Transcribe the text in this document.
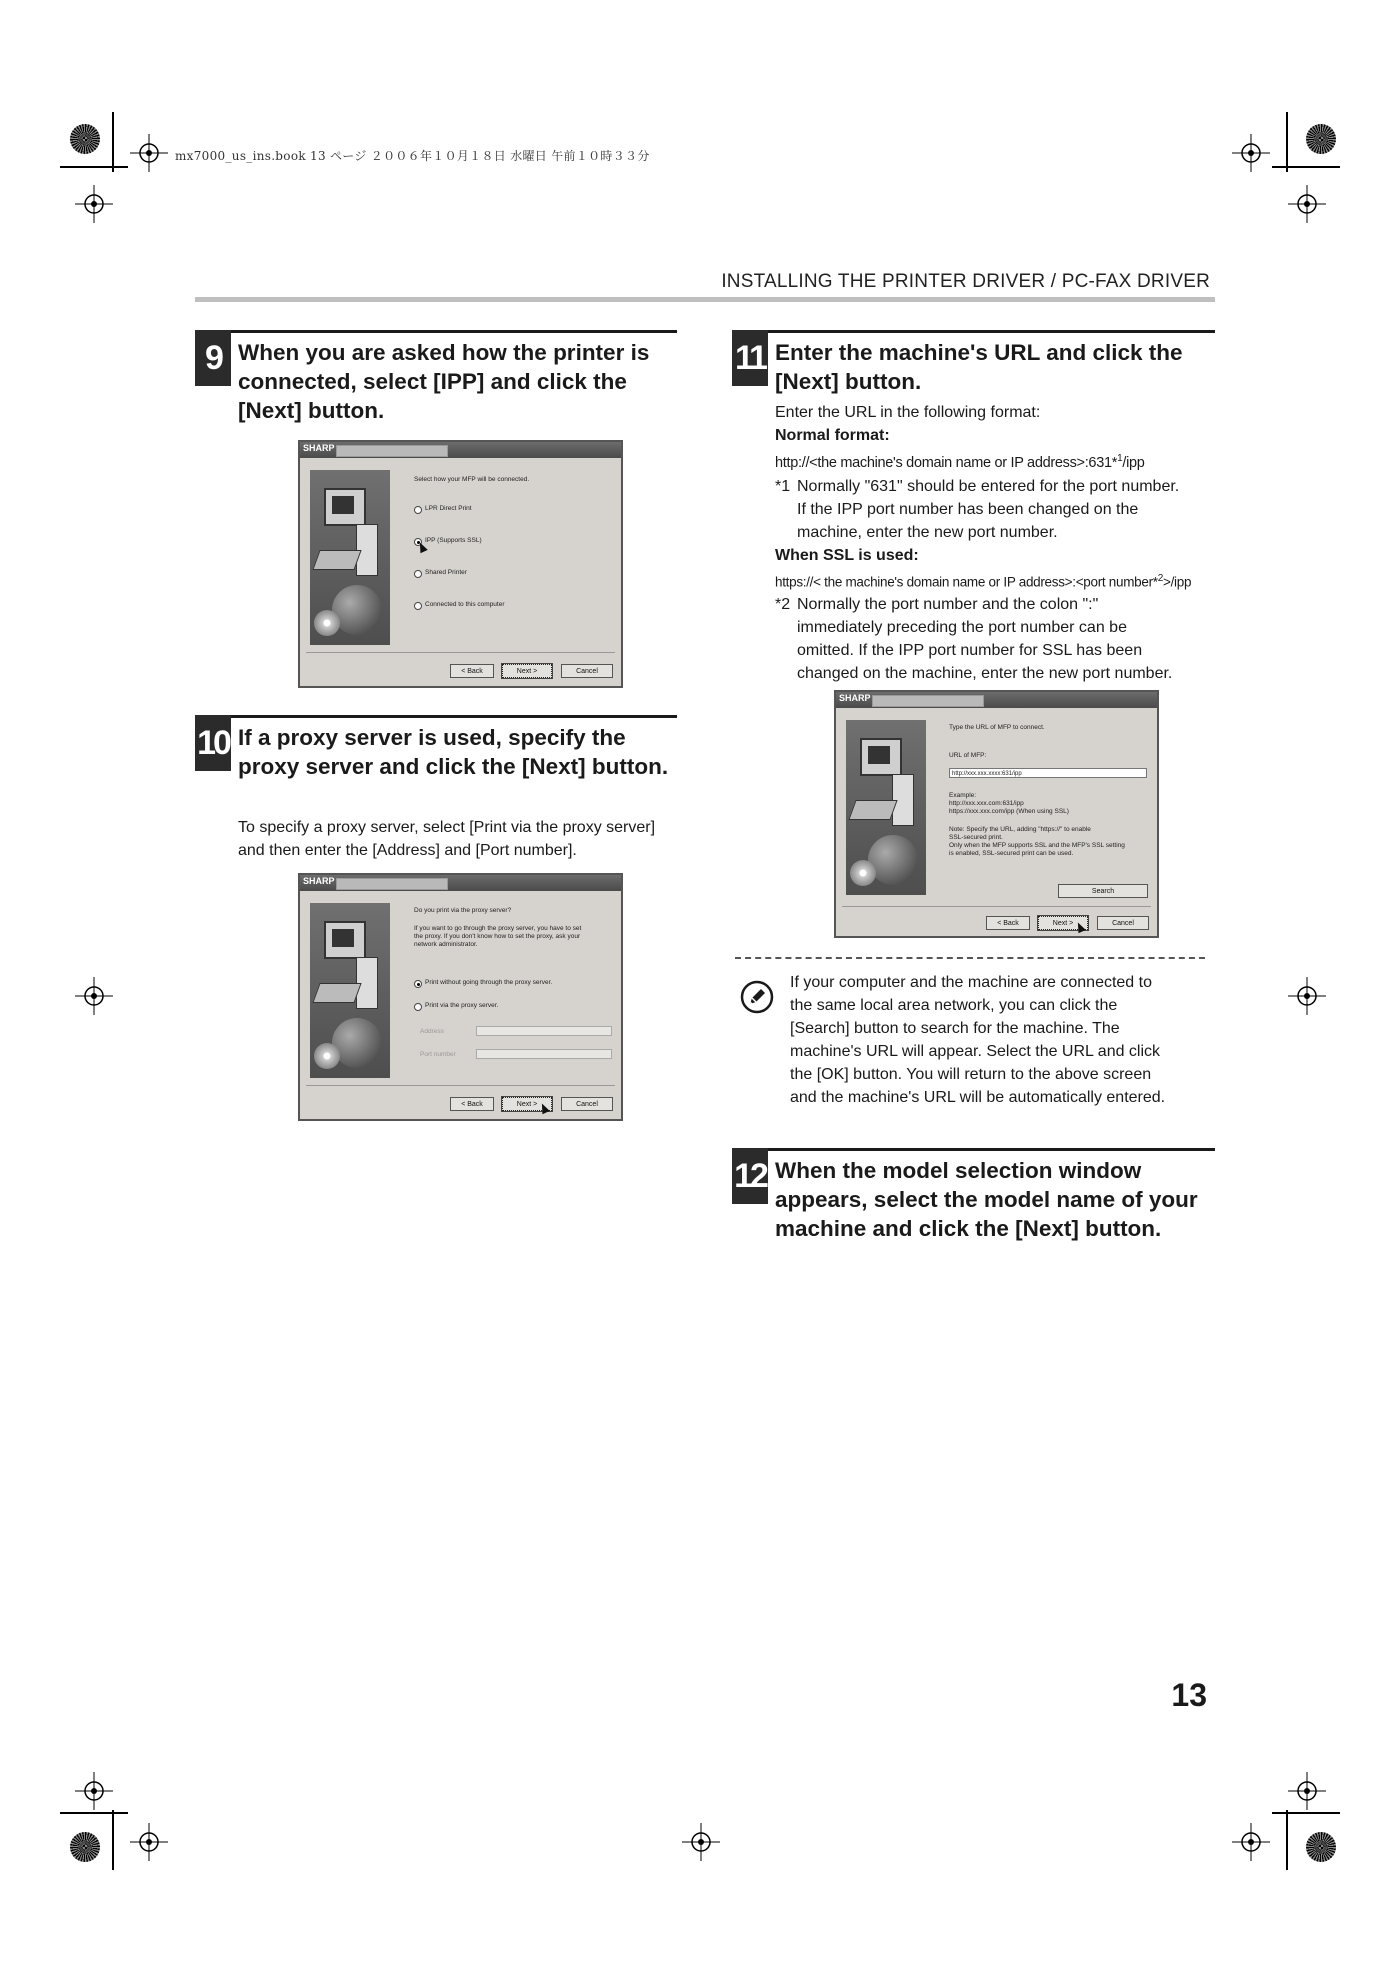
mx7000_us_ins.book 13 ページ ２００６年１０月１８日 水曜日 午前１０時３３分
INSTALLING THE PRINTER DRIVER / PC-FAX DRIVER
9 When you are asked how the printer is connected, select [IPP] and click the [Next] button.
SHARP
Select how your MFP will be connected.
LPR Direct Print
IPP (Supports SSL)
Shared Printer
Connected to this computer
< Back	Next >	Cancel
10 If a proxy server is used, specify the proxy server and click the [Next] button.
To specify a proxy server, select [Print via the proxy server] and then enter the [Address] and [Port number].
SHARP
Do you print via the proxy server?
If you want to go through the proxy server, you have to set
the proxy. If you don't know how to set the proxy, ask your
network administrator.
Print without going through the proxy server.
Print via the proxy server.
Address
Port number
< Back	Next >	Cancel
11 Enter the machine's URL and click the [Next] button.
Enter the URL in the following format:
Normal format:
http://<the machine's domain name or IP address>:631*$^1$/ipp
*1 Normally "631" should be entered for the port number.
If the IPP port number has been changed on the
machine, enter the new port number.
When SSL is used:
https://< the machine's domain name or IP address>:<port number*$^2$>/ipp
*2 Normally the port number and the colon ":"
immediately preceding the port number can be
omitted. If the IPP port number for SSL has been
changed on the machine, enter the new port number.
SHARP
Type the URL of MFP to connect.
URL of MFP:
http://xxx.xxx.xxxx:631/ipp
Example:
http://xxx.xxx.com:631/ipp
https://xxx.xxx.com/ipp (When using SSL)
Note: Specify the URL, adding "https://" to enable
SSL-secured print.
Only when the MFP supports SSL and the MFP's SSL setting
is enabled, SSL-secured print can be used.
Search
< Back	Next >	Cancel
If your computer and the machine are connected to
the same local area network, you can click the
[Search] button to search for the machine. The
machine's URL will appear. Select the URL and click
the [OK] button. You will return to the above screen
and the machine's URL will be automatically entered.
12 When the model selection window appears, select the model name of your machine and click the [Next] button.
13
